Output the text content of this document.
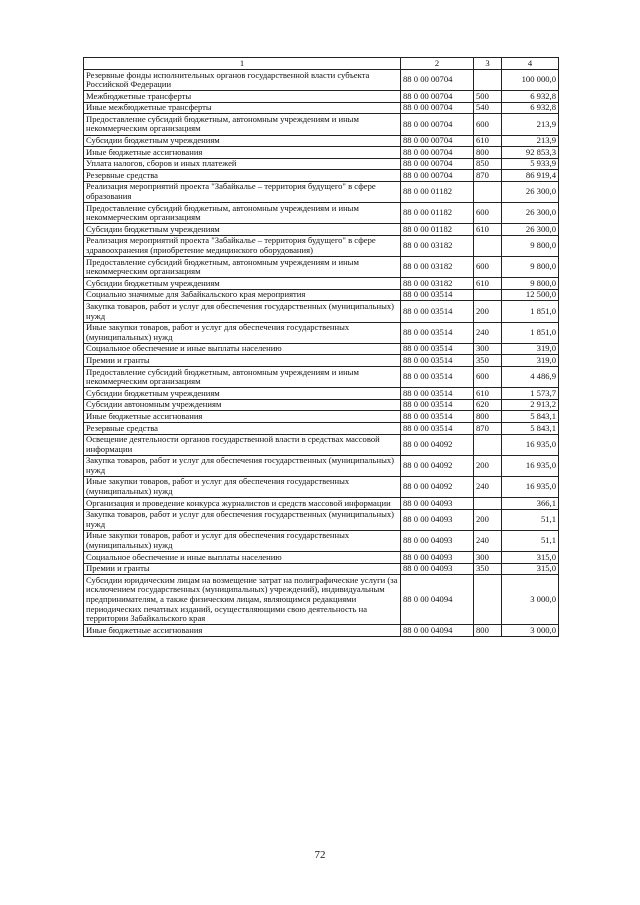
1	2	3	4
Резервные фонды исполнительных органов государственной власти субъекта Российской Федерации	88 0 00 00704		100 000,0
Межбюджетные трансферты	88 0 00 00704	500	6 932,8
Иные межбюджетные трансферты	88 0 00 00704	540	6 932,8
Предоставление субсидий бюджетным, автономным учреждениям и иным некоммерческим организациям	88 0 00 00704	600	213,9
Субсидии бюджетным учреждениям	88 0 00 00704	610	213,9
Иные бюджетные ассигнования	88 0 00 00704	800	92 853,3
Уплата налогов, сборов и иных платежей	88 0 00 00704	850	5 933,9
Резервные средства	88 0 00 00704	870	86 919,4
Реализация мероприятий проекта "Забайкалье – территория будущего" в сфере образования	88 0 00 01182		26 300,0
Предоставление субсидий бюджетным, автономным учреждениям и иным некоммерческим организациям	88 0 00 01182	600	26 300,0
Субсидии бюджетным учреждениям	88 0 00 01182	610	26 300,0
Реализация мероприятий проекта "Забайкалье – территория будущего" в сфере здравоохранения (приобретение медицинского оборудования)	88 0 00 03182		9 800,0
Предоставление субсидий бюджетным, автономным учреждениям и иным некоммерческим организациям	88 0 00 03182	600	9 800,0
Субсидии бюджетным учреждениям	88 0 00 03182	610	9 800,0
Социально значимые для Забайкальского края мероприятия	88 0 00 03514		12 500,0
Закупка товаров, работ и услуг для обеспечения государственных (муниципальных) нужд	88 0 00 03514	200	1 851,0
Иные закупки товаров, работ и услуг для обеспечения государственных (муниципальных) нужд	88 0 00 03514	240	1 851,0
Социальное обеспечение и иные выплаты населению	88 0 00 03514	300	319,0
Премии и гранты	88 0 00 03514	350	319,0
Предоставление субсидий бюджетным, автономным учреждениям и иным некоммерческим организациям	88 0 00 03514	600	4 486,9
Субсидии бюджетным учреждениям	88 0 00 03514	610	1 573,7
Субсидии автономным учреждениям	88 0 00 03514	620	2 913,2
Иные бюджетные ассигнования	88 0 00 03514	800	5 843,1
Резервные средства	88 0 00 03514	870	5 843,1
Освещение деятельности органов государственной власти в средствах массовой информации	88 0 00 04092		16 935,0
Закупка товаров, работ и услуг для обеспечения государственных (муниципальных) нужд	88 0 00 04092	200	16 935,0
Иные закупки товаров, работ и услуг для обеспечения государственных (муниципальных) нужд	88 0 00 04092	240	16 935,0
Организация и проведение конкурса журналистов и средств массовой информации	88 0 00 04093		366,1
Закупка товаров, работ и услуг для обеспечения государственных (муниципальных) нужд	88 0 00 04093	200	51,1
Иные закупки товаров, работ и услуг для обеспечения государственных (муниципальных) нужд	88 0 00 04093	240	51,1
Социальное обеспечение и иные выплаты населению	88 0 00 04093	300	315,0
Премии и гранты	88 0 00 04093	350	315,0
Субсидии юридическим лицам на возмещение затрат на полиграфические услуги (за исключением государственных (муниципальных) учреждений), индивидуальным предпринимателям, а также физическим лицам, являющимся редакциями периодических печатных изданий, осуществляющими свою деятельность на территории Забайкальского края	88 0 00 04094		3 000,0
Иные бюджетные ассигнования	88 0 00 04094	800	3 000,0
72
